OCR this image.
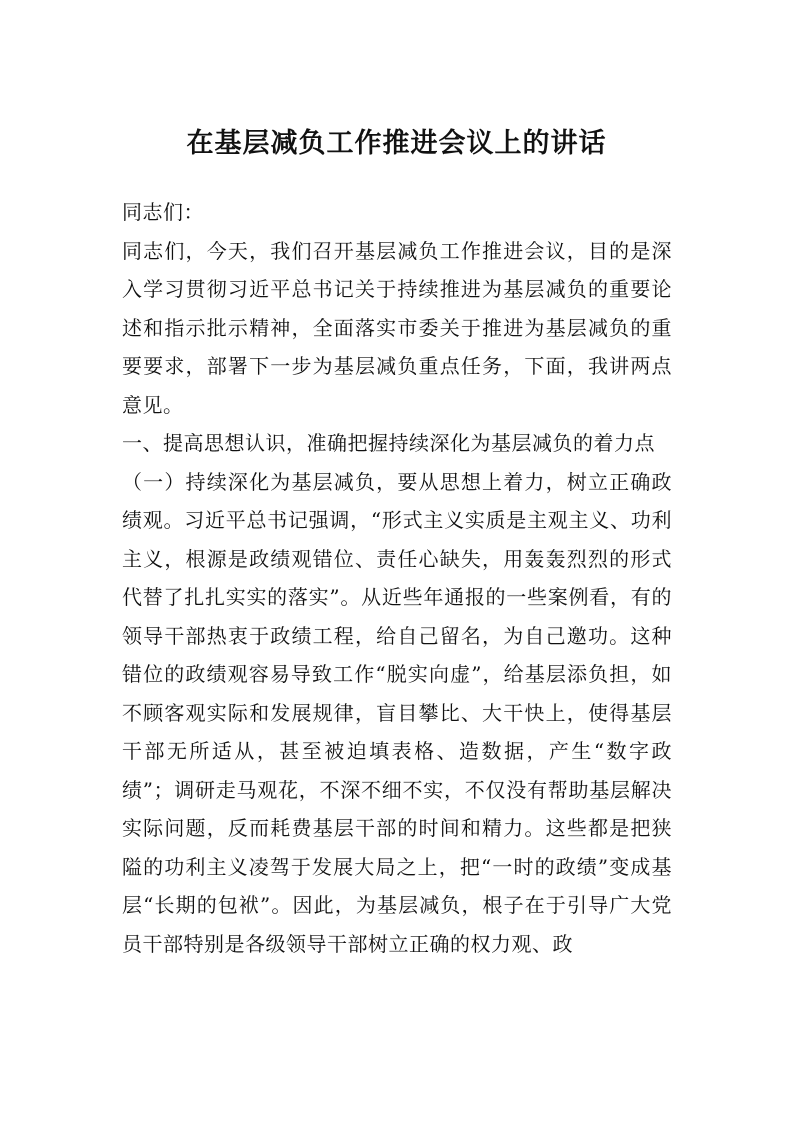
在基层减负工作推进会议上的讲话

同志们：

同志们，今天，我们召开基层减负工作推进会议，目的是深入学习贯彻习近平总书记关于持续推进为基层减负的重要论述和指示批示精神，全面落实市委关于推进为基层减负的重要要求，部署下一步为基层减负重点任务，下面，我讲两点意见。

一、提高思想认识，准确把握持续深化为基层减负的着力点

（一）持续深化为基层减负，要从思想上着力，树立正确政绩观。习近平总书记强调，“形式主义实质是主观主义、功利主义，根源是政绩观错位、责任心缺失，用轰轰烈烈的形式代替了扎扎实实的落实”。从近些年通报的一些案例看，有的领导干部热衷于政绩工程，给自己留名，为自己邀功。这种错位的政绩观容易导致工作“脱实向虚”，给基层添负担，如不顾客观实际和发展规律，盲目攀比、大干快上，使得基层干部无所适从，甚至被迫填表格、造数据，产生“数字政绩”；调研走马观花，不深不细不实，不仅没有帮助基层解决实际问题，反而耗费基层干部的时间和精力。这些都是把狭隘的功利主义凌驾于发展大局之上，把“一时的政绩”变成基层“长期的包袱”。因此，为基层减负，根子在于引导广大党员干部特别是各级领导干部树立正确的权力观、政
